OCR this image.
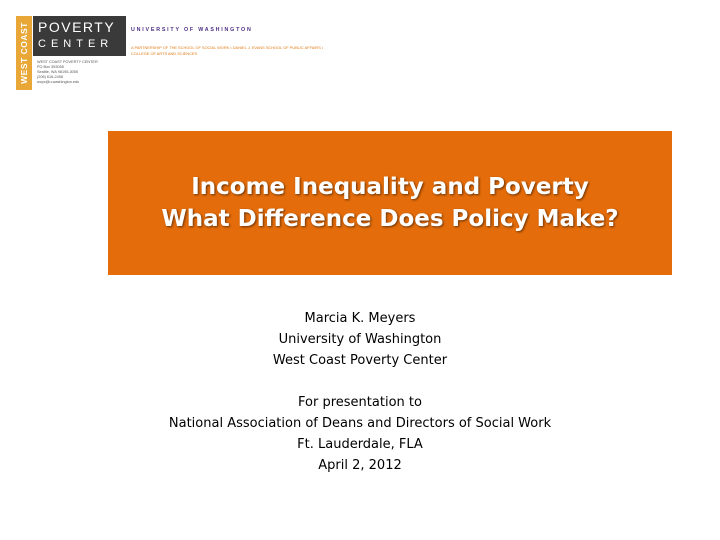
WEST COAST POVERTY
CENTER
WEST COAST POVERTY CENTER
PO Box 353055
Seattle, WA 98195-3055
(206) 616-2458
wcpc@u.washington.edu
UNIVERSITY OF WASHINGTON
A PARTNERSHIP OF THE SCHOOL OF SOCIAL WORK • DANIEL J. EVANS SCHOOL OF PUBLIC AFFAIRS •
COLLEGE OF ARTS AND SCIENCES
Income Inequality and Poverty
What Difference Does Policy Make?
Marcia K. Meyers
University of Washington
West Coast Poverty Center
For presentation to
National Association of Deans and Directors of Social Work
Ft. Lauderdale, FLA
April 2, 2012
